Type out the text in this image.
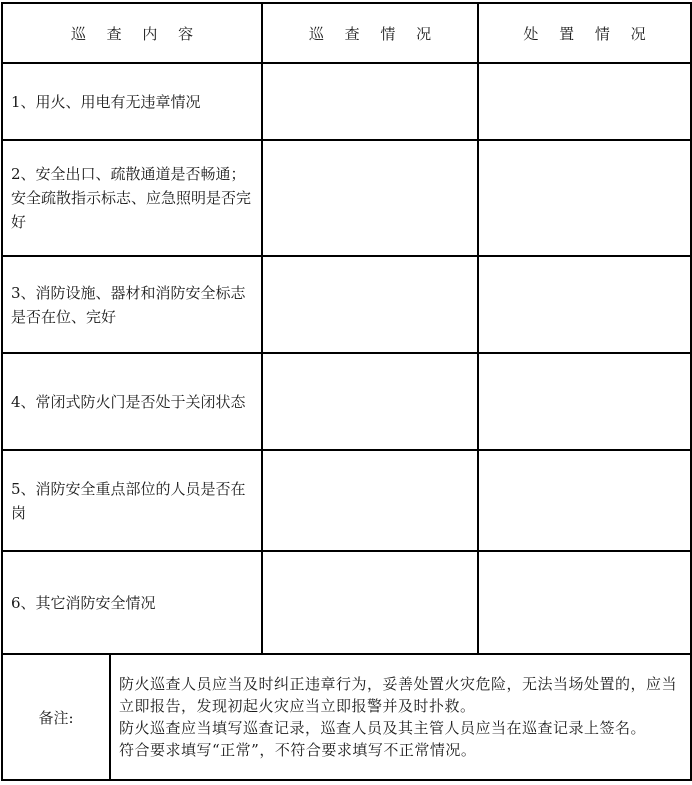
巡 查 内 容		巡 查 情 况	处 置 情 况
1、用火、用电有无违章情况			
2、安全出口、疏散通道是否畅通；安全疏散指示标志、应急照明是否完好			
3、消防设施、器材和消防安全标志是否在位、完好			
4、常闭式防火门是否处于关闭状态			
5、消防安全重点部位的人员是否在岗			
6、其它消防安全情况			
备注:	防火巡查人员应当及时纠正违章行为，妥善处置火灾危险，无法当场处置的，应当立即报告，发现初起火灾应当立即报警并及时扑救。
防火巡查应当填写巡查记录，巡查人员及其主管人员应当在巡查记录上签名。
符合要求填写“正常”，不符合要求填写不正常情况。		
